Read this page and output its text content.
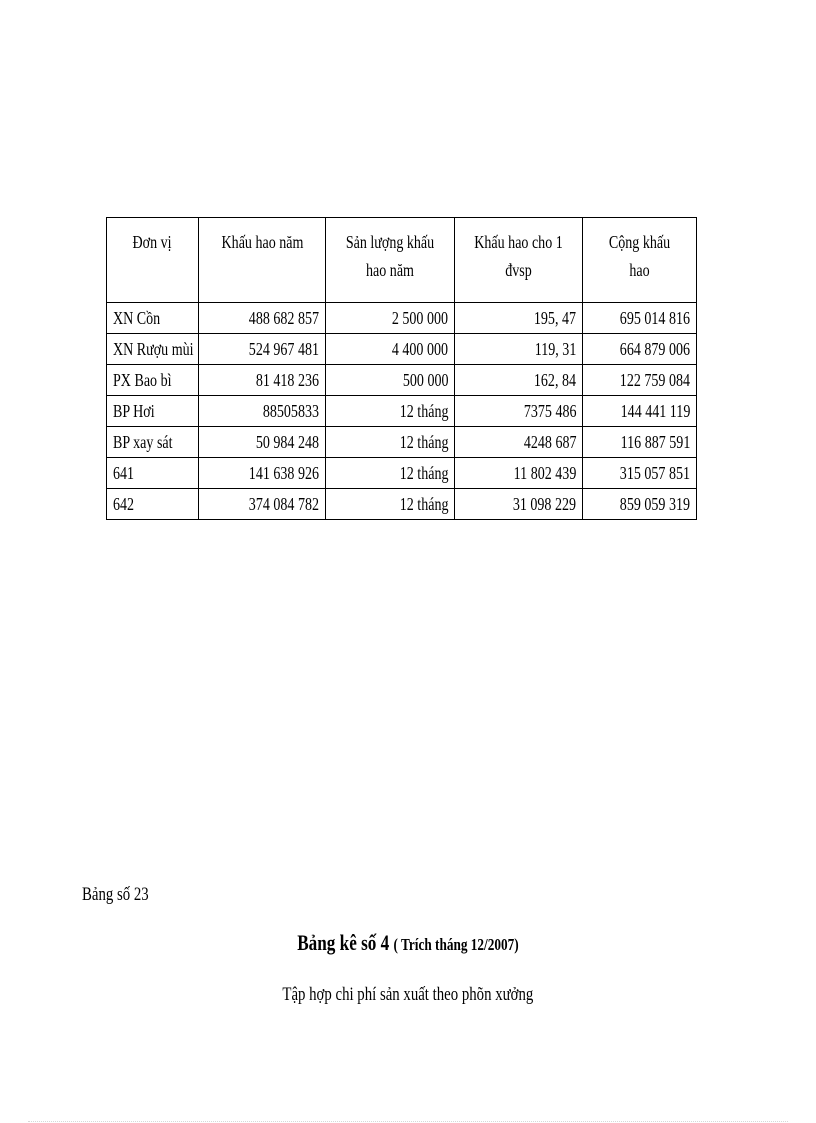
Đơn vị	Khấu hao năm	Sản lượng khấu hao năm	Khấu hao cho 1 đvsp	Cộng khấu hao
XN Cồn	488 682 857	2 500 000	195, 47	695 014 816
XN Rượu mùi	524 967 481	4 400 000	119, 31	664 879 006
PX Bao bì	81 418 236	500 000	162, 84	122 759 084
BP Hơi	88505833	12 tháng	7375 486	144 441 119
BP xay sát	50 984 248	12 tháng	4248 687	116 887 591
641	141 638 926	12 tháng	11 802 439	315 057 851
642	374 084 782	12 tháng	31 098 229	859 059 319
Bảng số 23
Bảng kê số 4 ( Trích tháng 12/2007)
Tập hợp chi phí sản xuất theo phõn xưởng
